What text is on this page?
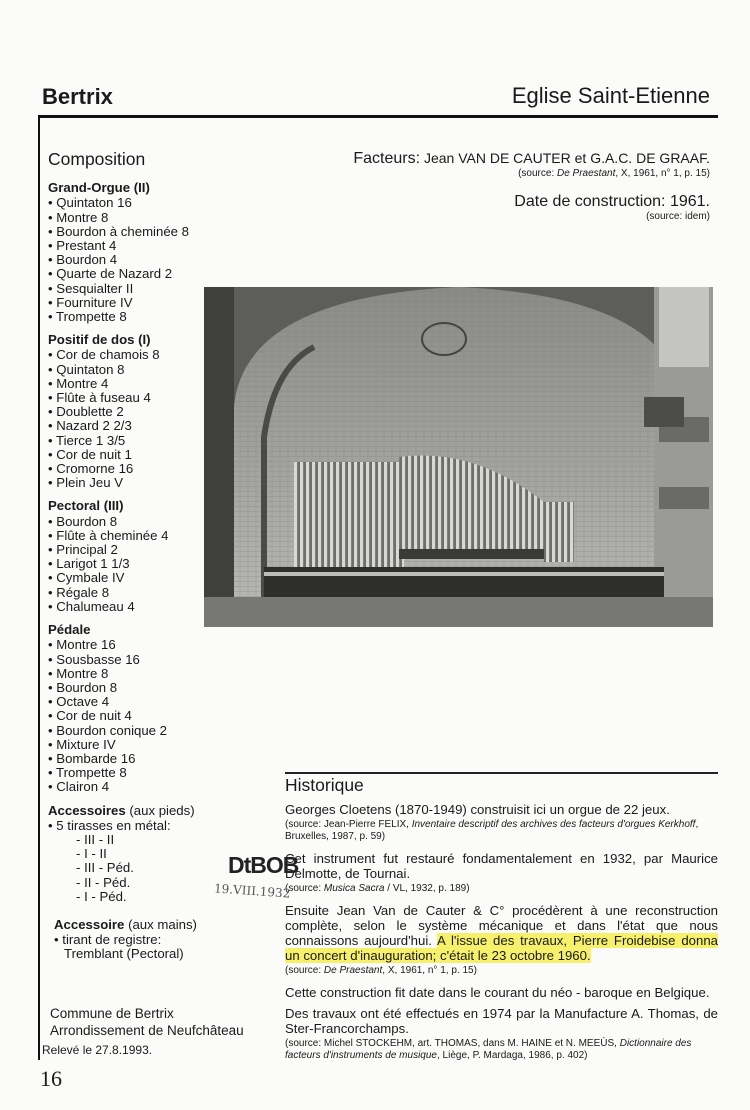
Bertrix	Eglise Saint-Etienne
Composition
Grand-Orgue (II)
• Quintaton 16
• Montre 8
• Bourdon à cheminée 8
• Prestant 4
• Bourdon 4
• Quarte de Nazard 2
• Sesquialter II
• Fourniture IV
• Trompette 8
Positif de dos (I)
• Cor de chamois 8
• Quintaton 8
• Montre 4
• Flûte à fuseau 4
• Doublette 2
• Nazard 2 2/3
• Tierce 1 3/5
• Cor de nuit 1
• Cromorne 16
• Plein Jeu V
Pectoral (III)
• Bourdon 8
• Flûte à cheminée 4
• Principal 2
• Larigot 1 1/3
• Cymbale IV
• Régale 8
• Chalumeau 4
Pédale
• Montre 16
• Sousbasse 16
• Montre 8
• Bourdon 8
• Octave 4
• Cor de nuit 4
• Bourdon conique 2
• Mixture IV
• Bombarde 16
• Trompette 8
• Clairon 4
Accessoires (aux pieds)
• 5 tirasses en métal:
- III - II
- I - II
- III - Péd.
- II - Péd.
- I - Péd.
Accessoire (aux mains)
• tirant de registre:
Tremblant (Pectoral)
Commune de Bertrix
Arrondissement de Neufchâteau
Relevé le 27.8.1993.
16
Facteurs: Jean VAN DE CAUTER et G.A.C. DE GRAAF.
(source: De Praestant, X, 1961, n° 1, p. 15)
Date de construction: 1961.
(source: idem)
Historique

Georges Cloetens (1870-1949) construisit ici un orgue de 22 jeux.

(source: Jean-Pierre FELIX, Inventaire descriptif des archives des facteurs d'orgues Kerkhoff, Bruxelles, 1987, p. 59)

Cet instrument fut restauré fondamentalement en 1932, par Maurice Delmotte, de Tournai.

(source: Musica Sacra / VL, 1932, p. 189)

Ensuite Jean Van de Cauter & C° procédèrent à une reconstruction complète, selon le système mécanique et dans l'état que nous connaissons aujourd'hui. A l'issue des travaux, Pierre Froidebise donna un concert d'inauguration; c'était le 23 octobre 1960.

(source: De Praestant, X, 1961, n° 1, p. 15)

Cette construction fit date dans le courant du néo - baroque en Belgique.

Des travaux ont été effectués en 1974 par la Manufacture A. Thomas, de Ster-Francorchamps.

(source: Michel STOCKEHM, art. THOMAS, dans M. HAINE et N. MEEÙS, Dictionnaire des facteurs d'instruments de musique, Liège, P. Mardaga, 1986, p. 402)

DtBOB
19.VIII.1932
